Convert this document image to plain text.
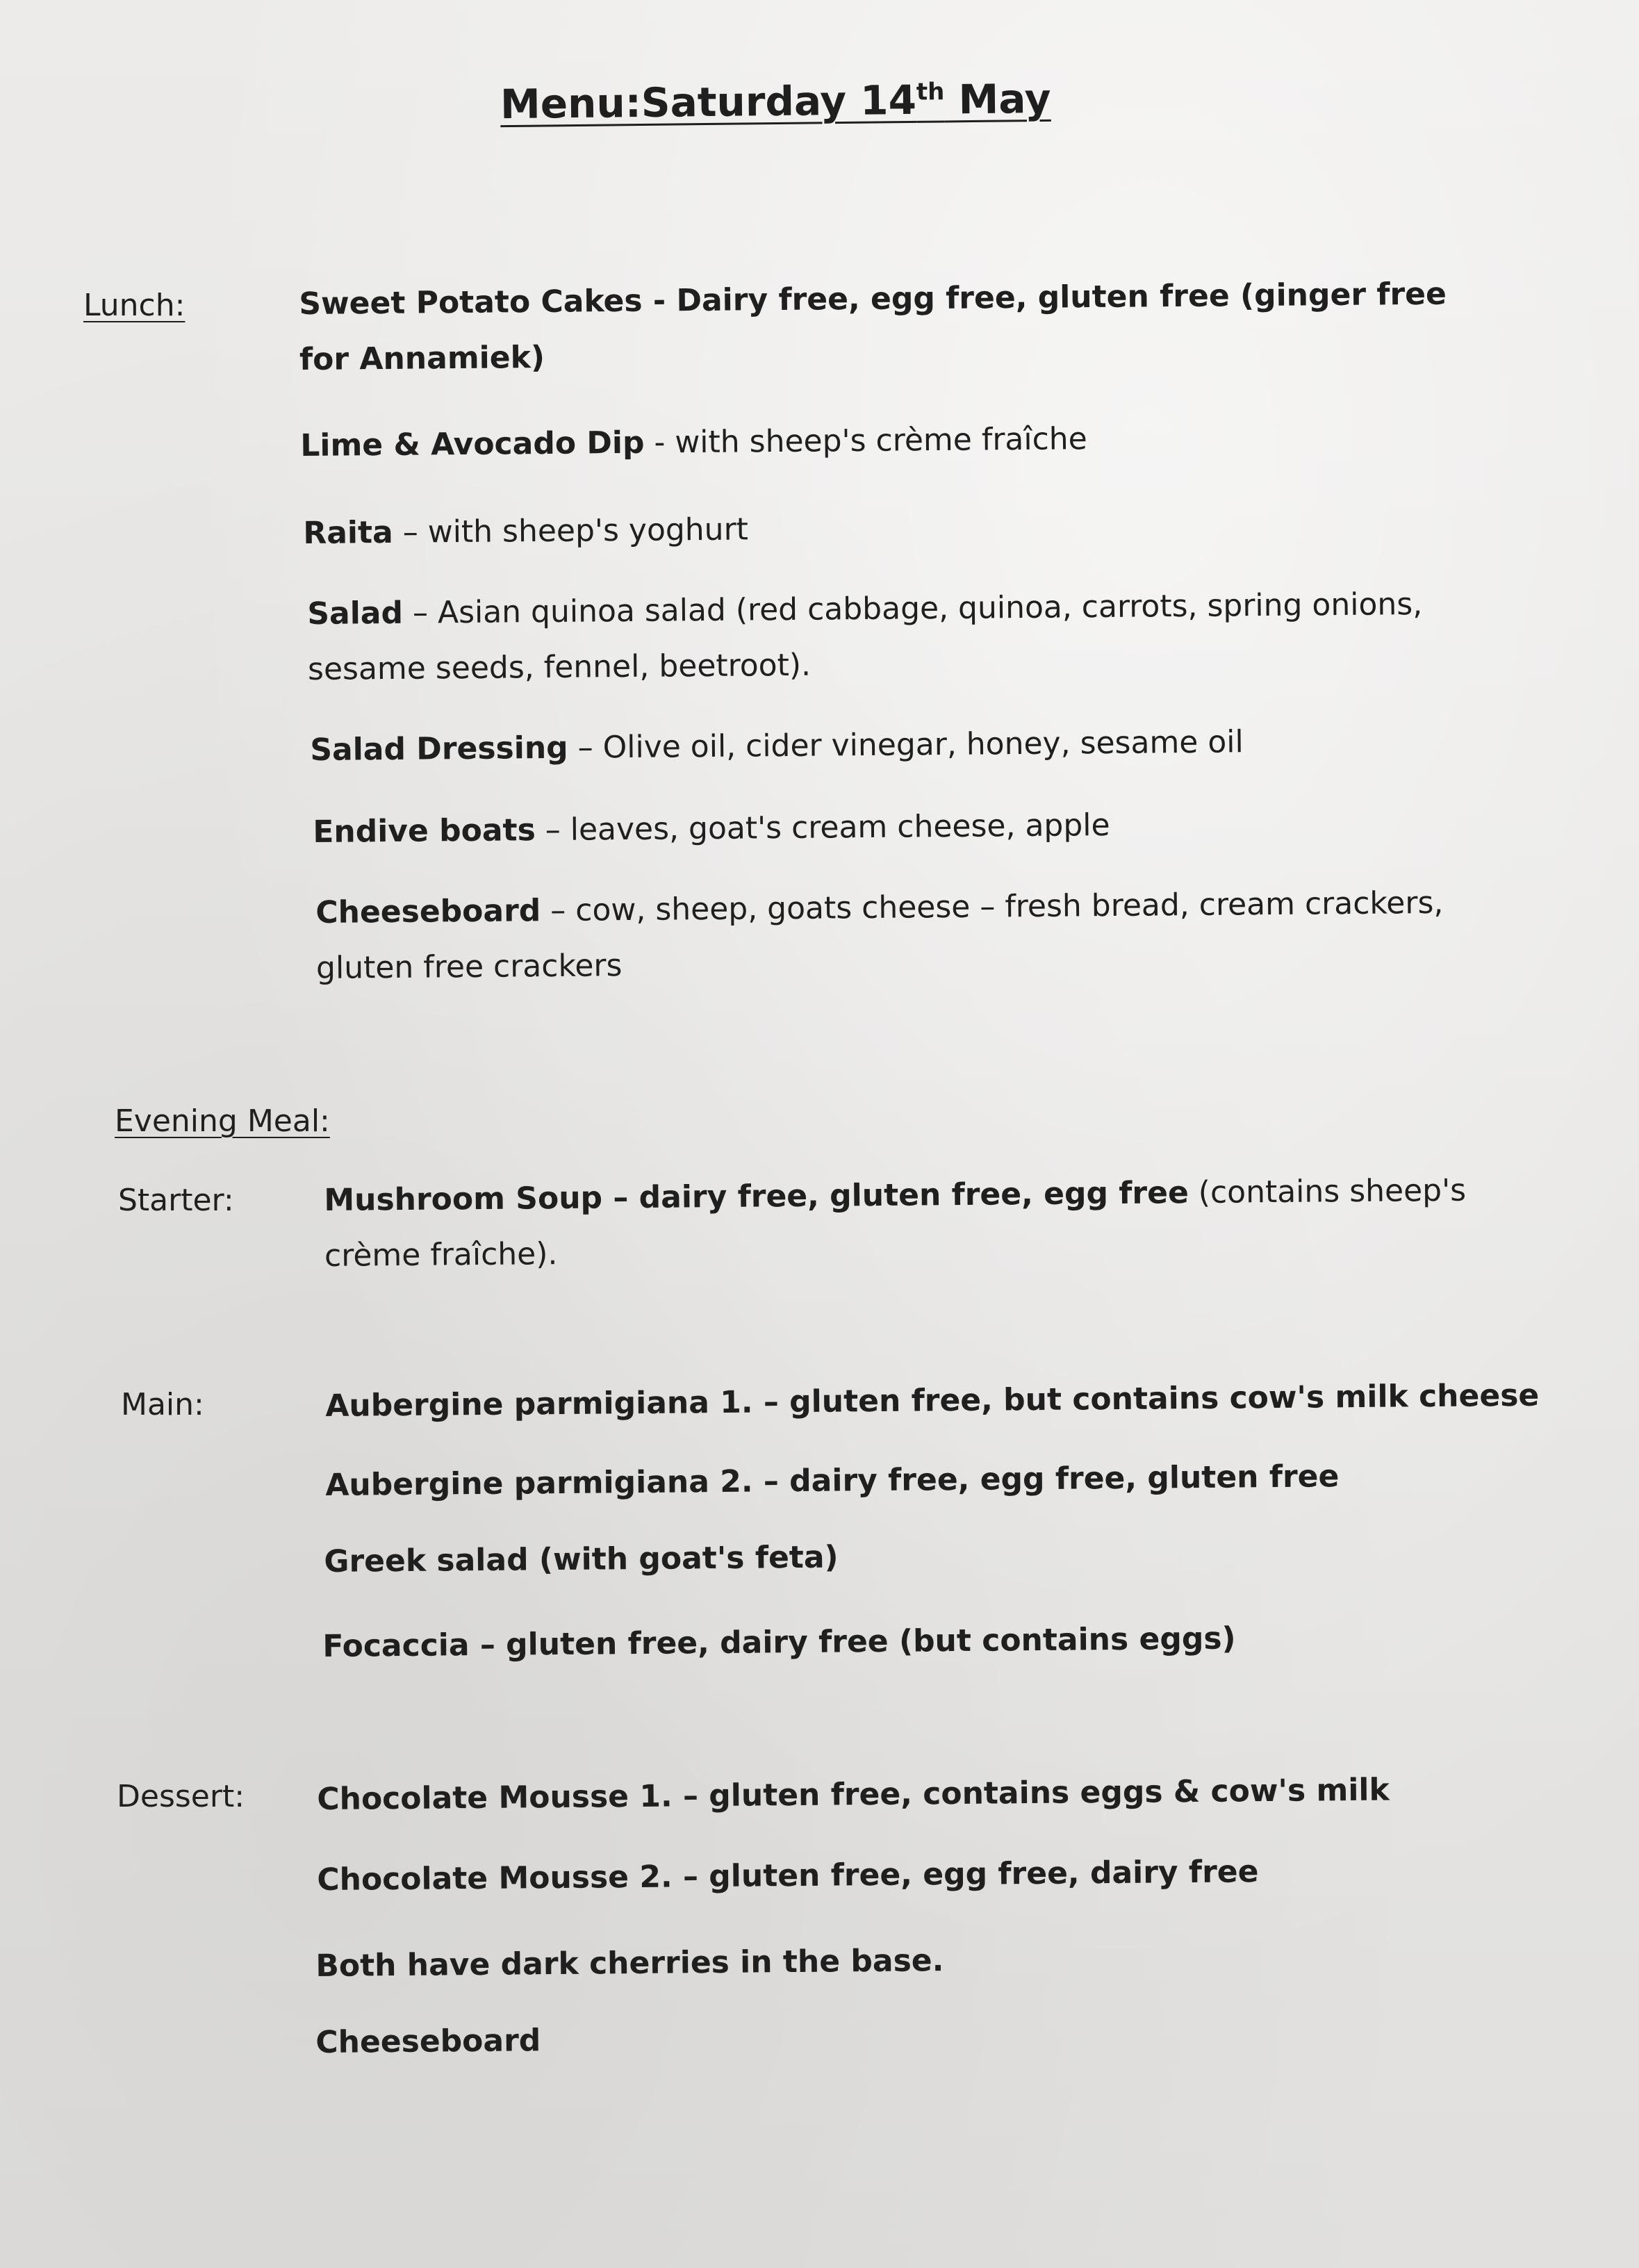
Menu:Saturday 14th May
Lunch:	Sweet Potato Cakes - Dairy free, egg free, gluten free (ginger free
for Annamiek)
Lime & Avocado Dip - with sheep's crème fraîche
Raita – with sheep's yoghurt
Salad – Asian quinoa salad (red cabbage, quinoa, carrots, spring onions,
sesame seeds, fennel, beetroot).
Salad Dressing – Olive oil, cider vinegar, honey, sesame oil
Endive boats – leaves, goat's cream cheese, apple
Cheeseboard – cow, sheep, goats cheese – fresh bread, cream crackers,
gluten free crackers
Evening Meal:
Starter:	Mushroom Soup – dairy free, gluten free, egg free (contains sheep's
crème fraîche).
Main:	Aubergine parmigiana 1. – gluten free, but contains cow's milk cheese
Aubergine parmigiana 2. – dairy free, egg free, gluten free
Greek salad (with goat's feta)
Focaccia – gluten free, dairy free (but contains eggs)
Dessert: Chocolate Mousse 1. – gluten free, contains eggs & cow's milk
Chocolate Mousse 2. – gluten free, egg free, dairy free
Both have dark cherries in the base.
Cheeseboard
